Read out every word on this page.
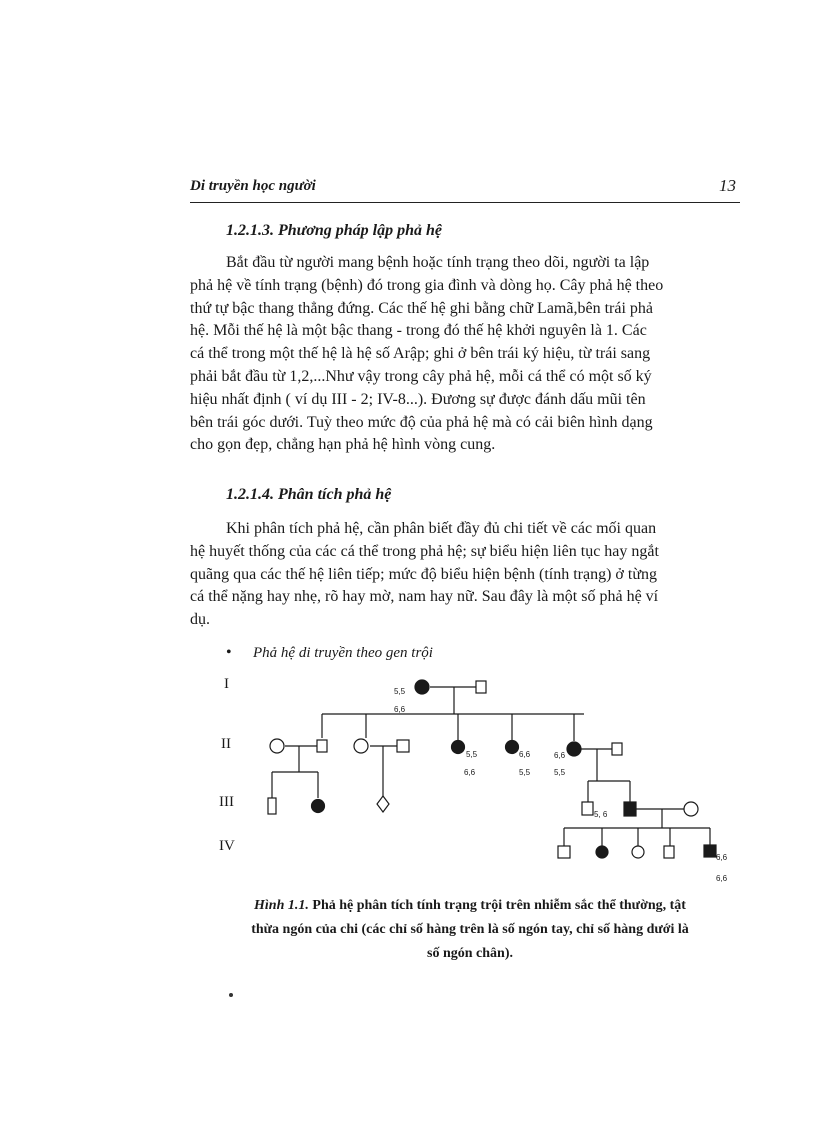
Di truyền học người	13
1.2.1.3. Phương pháp lập phả hệ
Bắt đầu từ người mang bệnh hoặc tính trạng theo dõi, người ta lập
phả hệ về tính trạng (bệnh) đó trong gia đình và dòng họ. Cây phả hệ theo
thứ tự bậc thang thẳng đứng. Các thế hệ ghi bằng chữ Lamã,bên trái phả
hệ. Mỗi thế hệ là một bậc thang - trong đó thế hệ khởi nguyên là 1. Các
cá thể trong một thế hệ là hệ số Arập; ghi ở bên trái ký hiệu, từ trái sang
phải bắt đầu từ 1,2,...Như vậy trong cây phả hệ, mỗi cá thể có một số ký
hiệu nhất định ( ví dụ III - 2; IV-8...). Đương sự được đánh dấu mũi tên
bên trái góc dưới. Tuỳ theo mức độ của phả hệ mà có cải biên hình dạng
cho gọn đẹp, chẳng hạn phả hệ hình vòng cung.
1.2.1.4. Phân tích phả hệ
Khi phân tích phả hệ, cần phân biết đầy đủ chi tiết về các mối quan
hệ huyết thống của các cá thể trong phả hệ; sự biểu hiện liên tục hay ngắt
quãng qua các thế hệ liên tiếp; mức độ biểu hiện bệnh (tính trạng) ở từng
cá thể nặng hay nhẹ, rõ hay mờ, nam hay nữ. Sau đây là một số phả hệ ví
dụ.
• Phả hệ di truyền theo gen trội
I
II
III
IV
5,5
6,6
5,5
6,6
6,6
5,5
6,6
5,5
5, 6
6,6
6,6
Hình 1.1. Phả hệ phân tích tính trạng trội trên nhiễm sắc thể thường, tật
thừa ngón của chi (các chỉ số hàng trên là số ngón tay, chỉ số hàng dưới là
số ngón chân).
